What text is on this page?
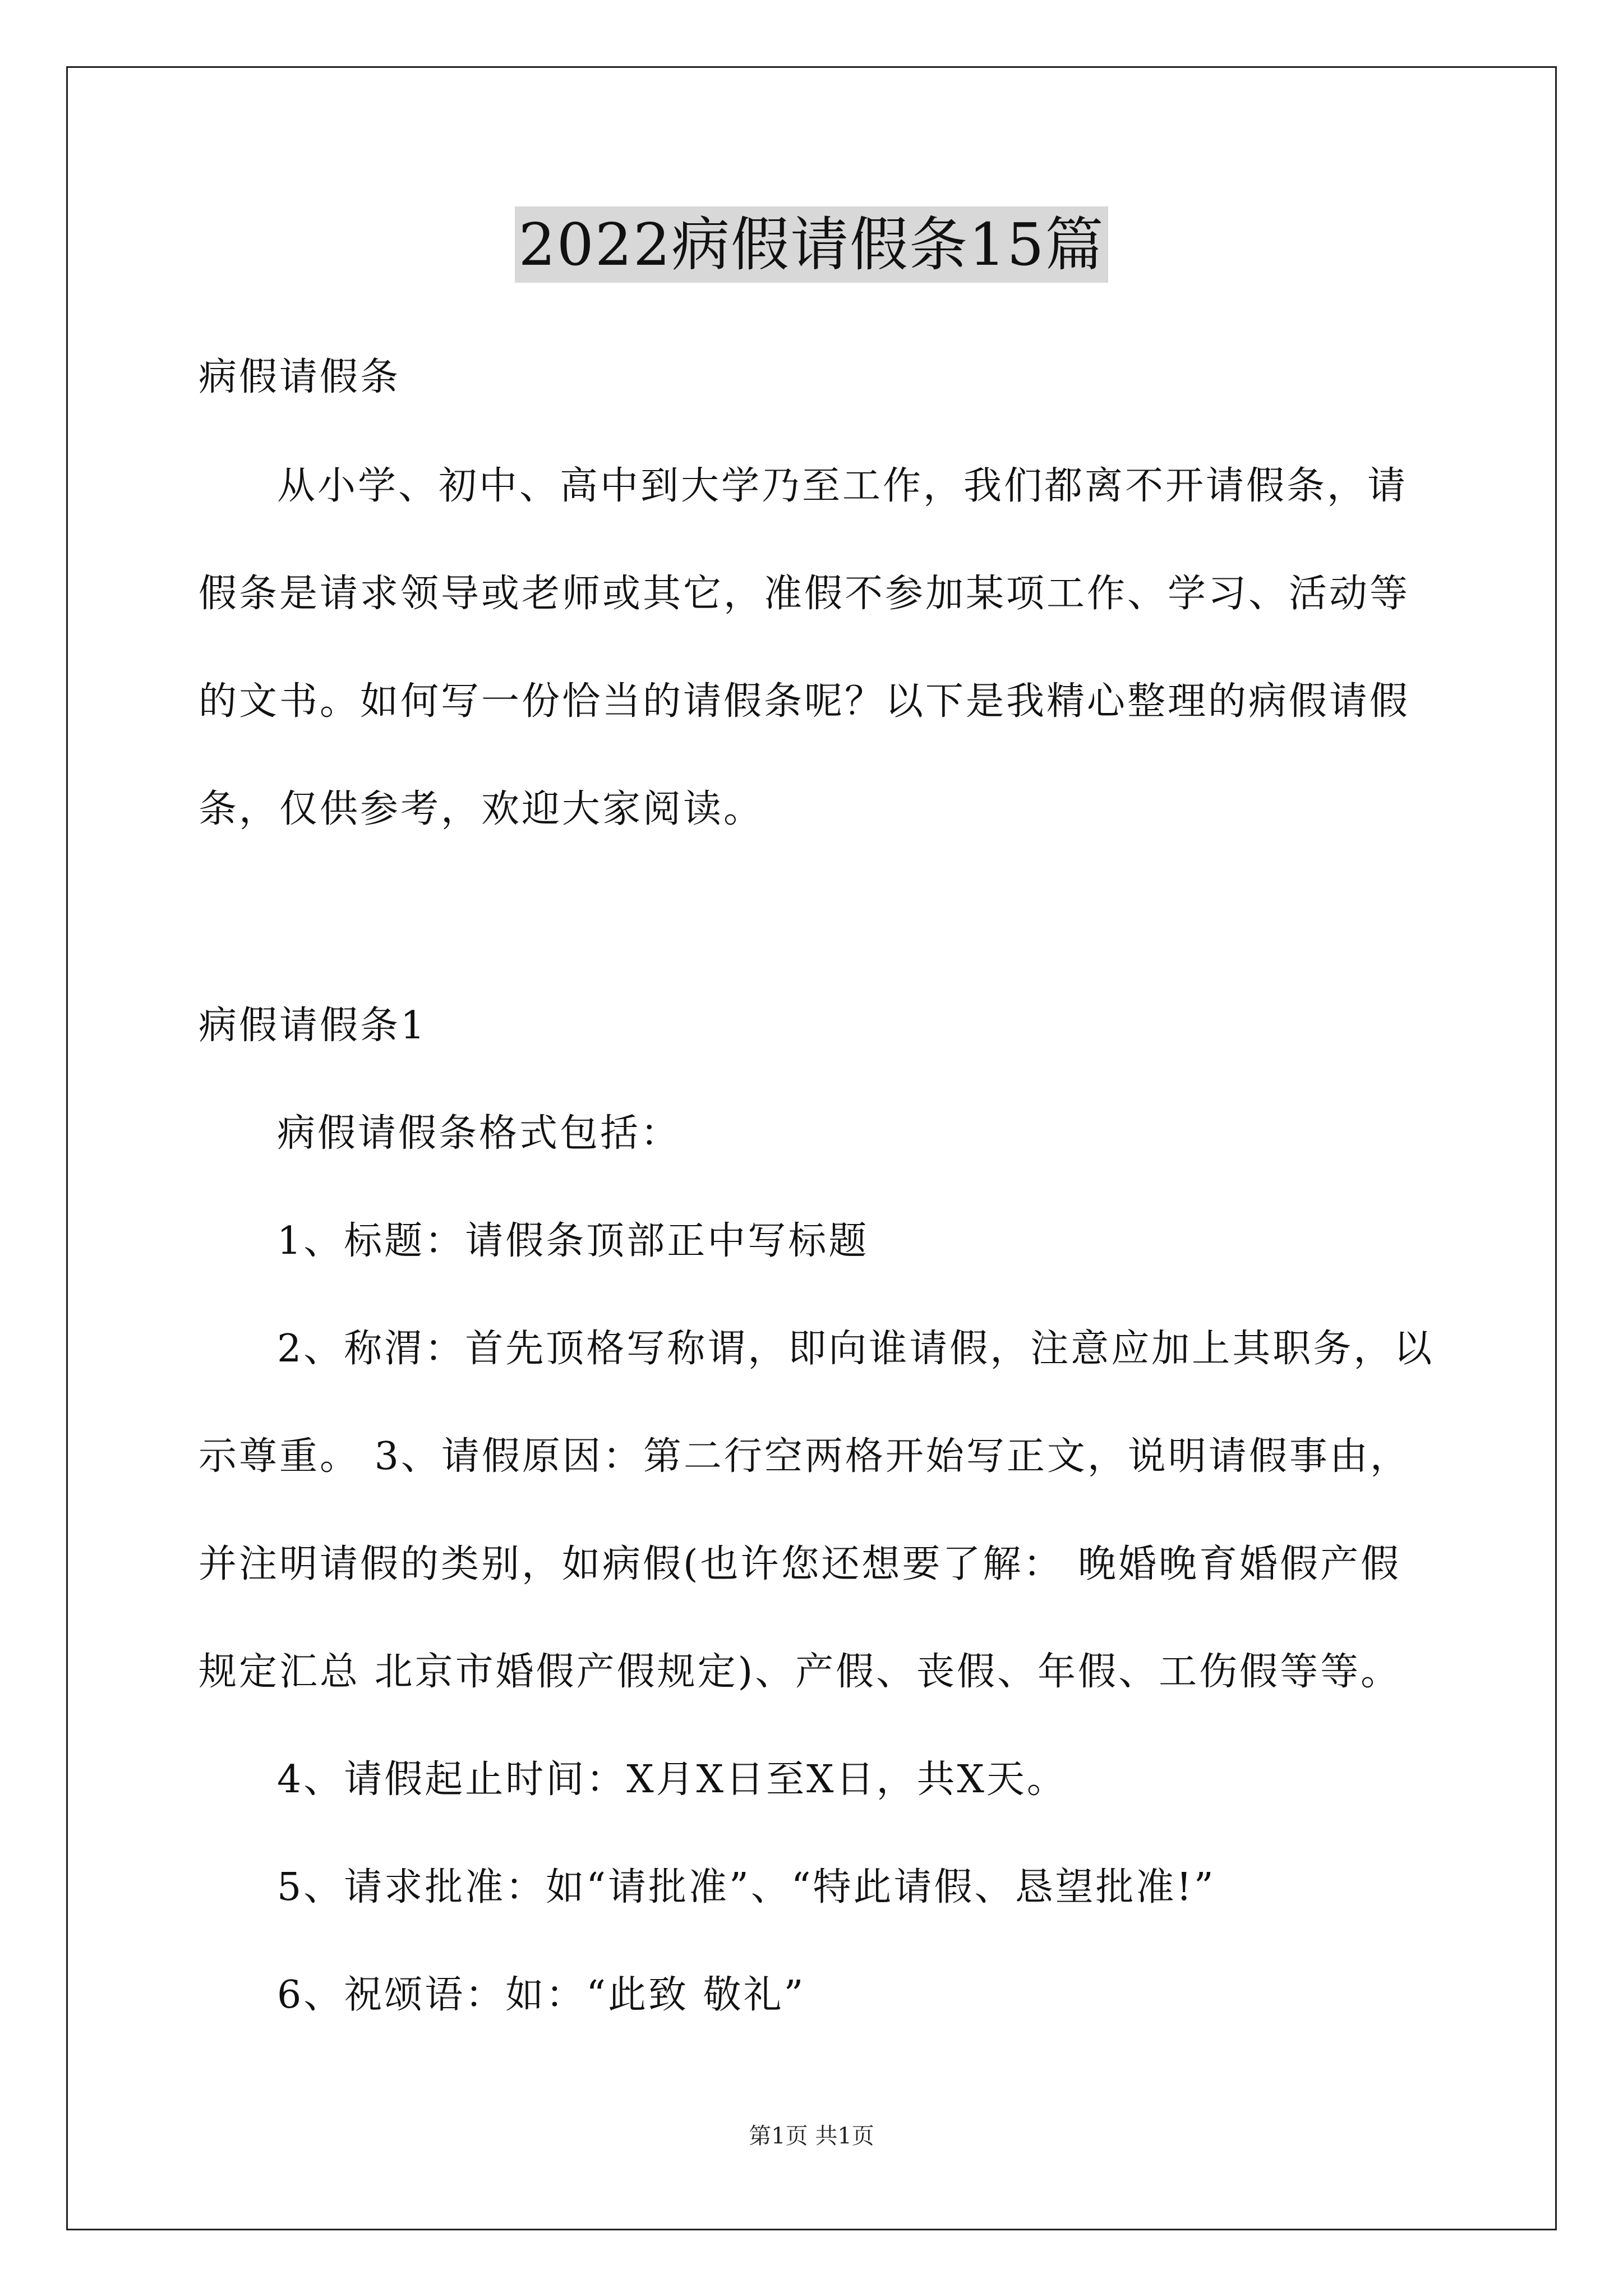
2022病假请假条15篇
病假请假条
从小学、初中、高中到大学乃至工作，我们都离不开请假条，请
假条是请求领导或老师或其它，准假不参加某项工作、学习、活动等
的文书。如何写一份恰当的请假条呢？以下是我精心整理的病假请假
条，仅供参考，欢迎大家阅读。
病假请假条1
病假请假条格式包括：
1、标题：请假条顶部正中写标题
2、称渭：首先顶格写称谓，即向谁请假，注意应加上其职务，以
示尊重。 3、请假原因：第二行空两格开始写正文，说明请假事由，
并注明请假的类别，如病假(也许您还想要了解： 晚婚晚育婚假产假
规定汇总 北京市婚假产假规定)、产假、丧假、年假、工伤假等等。
4、请假起止时间：X月X日至X日，共X天。
5、请求批准：如“请批准”、“特此请假、恳望批准!”
6、祝颂语：如：“此致 敬礼”
第1页 共1页
